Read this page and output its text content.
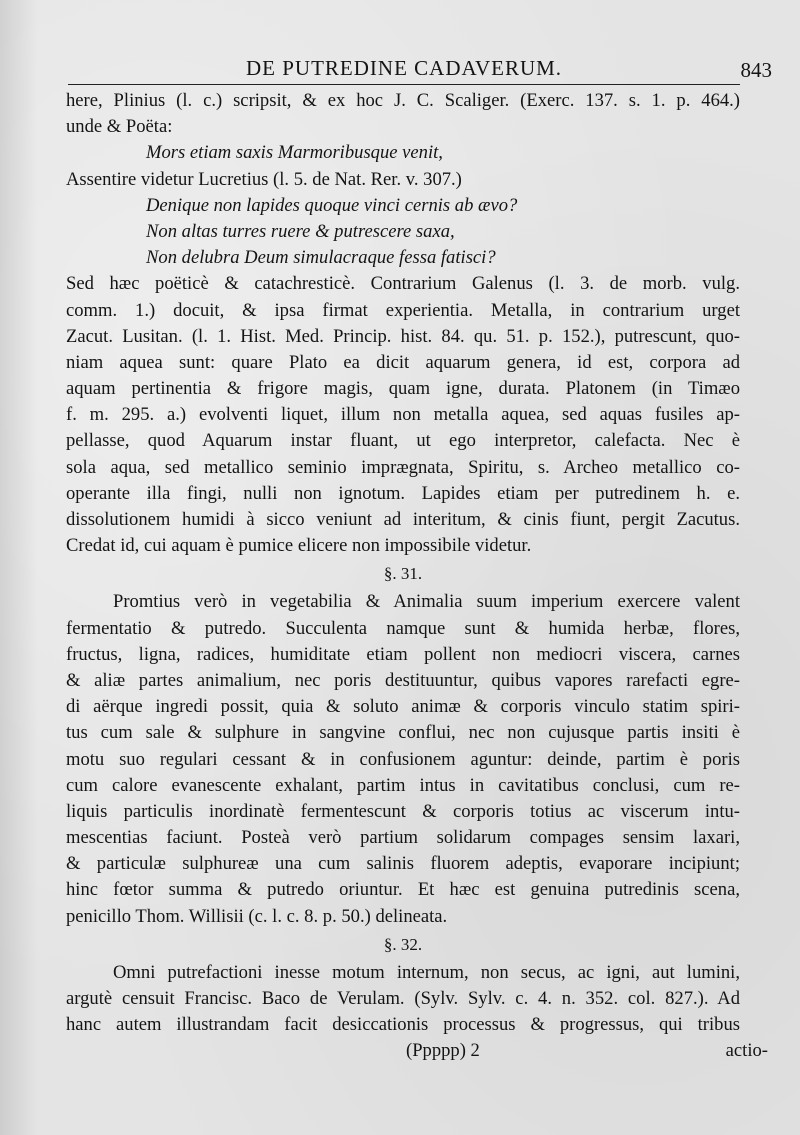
DE PUTREDINE CADAVERUM.	843
here, Plinius (l. c.) scripsit, & ex hoc J. C. Scaliger. (Exerc. 137. s. 1. p. 464.)
unde & Poëta:
Mors etiam saxis Marmoribusque venit,
Assentire videtur Lucretius (l. 5. de Nat. Rer. v. 307.)
Denique non lapides quoque vinci cernis ab ævo?
Non altas turres ruere & putrescere saxa,
Non delubra Deum simulacraque fessa fatisci?
Sed hæc poëticè & catachresticè. Contrarium Galenus (l. 3. de morb. vulg.
comm. 1.) docuit, & ipsa firmat experientia. Metalla, in contrarium urget
Zacut. Lusitan. (l. 1. Hist. Med. Princip. hist. 84. qu. 51. p. 152.), putrescunt, quo-
niam aquea sunt: quare Plato ea dicit aquarum genera, id est, corpora ad
aquam pertinentia & frigore magis, quam igne, durata. Platonem (in Timæo
f. m. 295. a.) evolventi liquet, illum non metalla aquea, sed aquas fusiles ap-
pellasse, quod Aquarum instar fluant, ut ego interpretor, calefacta. Nec è
sola aqua, sed metallico seminio imprægnata, Spiritu, s. Archeo metallico co-
operante illa fingi, nulli non ignotum. Lapides etiam per putredinem h. e.
dissolutionem humidi à sicco veniunt ad interitum, & cinis fiunt, pergit Zacutus.
Credat id, cui aquam è pumice elicere non impossibile videtur.
§. 31.
Promtius verò in vegetabilia & Animalia suum imperium exercere valent
fermentatio & putredo. Succulenta namque sunt & humida herbæ, flores,
fructus, ligna, radices, humiditate etiam pollent non mediocri viscera, carnes
& aliæ partes animalium, nec poris destituuntur, quibus vapores rarefacti egre-
di aërque ingredi possit, quia & soluto animæ & corporis vinculo statim spiri-
tus cum sale & sulphure in sangvine conflui, nec non cujusque partis insiti è
motu suo regulari cessant & in confusionem aguntur: deinde, partim è poris
cum calore evanescente exhalant, partim intus in cavitatibus conclusi, cum re-
liquis particulis inordinatè fermentescunt & corporis totius ac viscerum intu-
mescentias faciunt. Posteà verò partium solidarum compages sensim laxari,
& particulæ sulphureæ una cum salinis fluorem adeptis, evaporare incipiunt;
hinc fœtor summa & putredo oriuntur. Et hæc est genuina putredinis scena,
penicillo Thom. Willisii (c. l. c. 8. p. 50.) delineata.
§. 32.
Omni putrefactioni inesse motum internum, non secus, ac igni, aut lumini,
argutè censuit Francisc. Baco de Verulam. (Sylv. Sylv. c. 4. n. 352. col. 827.). Ad
hanc autem illustrandam facit desiccationis processus & progressus, qui tribus
(Ppppp) 2	actio-
